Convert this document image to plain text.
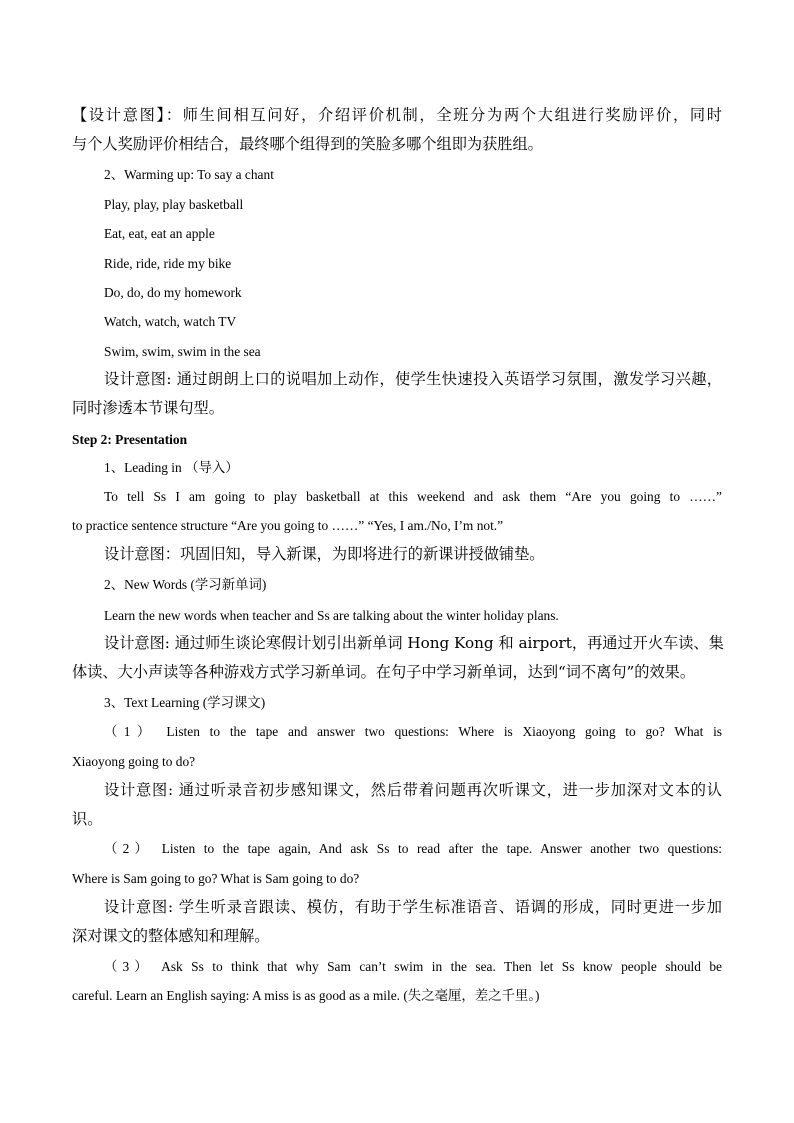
【设计意图】：师生间相互问好，介绍评价机制，全班分为两个大组进行奖励评价，同时
与个人奖励评价相结合，最终哪个组得到的笑脸多哪个组即为获胜组。
2、Warming up: To say a chant
Play, play, play basketball
Eat, eat, eat an apple
Ride, ride, ride my bike
Do, do, do my homework
Watch, watch, watch TV
Swim, swim, swim in the sea
设计意图: 通过朗朗上口的说唱加上动作，使学生快速投入英语学习氛围，激发学习兴趣，
同时渗透本节课句型。
Step 2: Presentation
1、Leading in （导入）
To tell Ss I am going to play basketball at this weekend and ask them “Are you going to ……”
to practice sentence structure “Are you going to ……” “Yes, I am./No, I’m not.”
设计意图：巩固旧知，导入新课，为即将进行的新课讲授做铺垫。
2、New Words (学习新单词)
Learn the new words when teacher and Ss are talking about the winter holiday plans.
设计意图: 通过师生谈论寒假计划引出新单词 Hong Kong 和 airport，再通过开火车读、集
体读、大小声读等各种游戏方式学习新单词。在句子中学习新单词，达到“词不离句”的效果。
3、Text Learning (学习课文)
（1） Listen to the tape and answer two questions: Where is Xiaoyong going to go? What is
Xiaoyong going to do?
设计意图: 通过听录音初步感知课文，然后带着问题再次听课文，进一步加深对文本的认
识。
（2） Listen to the tape again, And ask Ss to read after the tape. Answer another two questions:
Where is Sam going to go? What is Sam going to do?
设计意图: 学生听录音跟读、模仿，有助于学生标准语音、语调的形成，同时更进一步加
深对课文的整体感知和理解。
（3） Ask Ss to think that why Sam can’t swim in the sea. Then let Ss know people should be
careful. Learn an English saying: A miss is as good as a mile. (失之毫厘，差之千里。)
